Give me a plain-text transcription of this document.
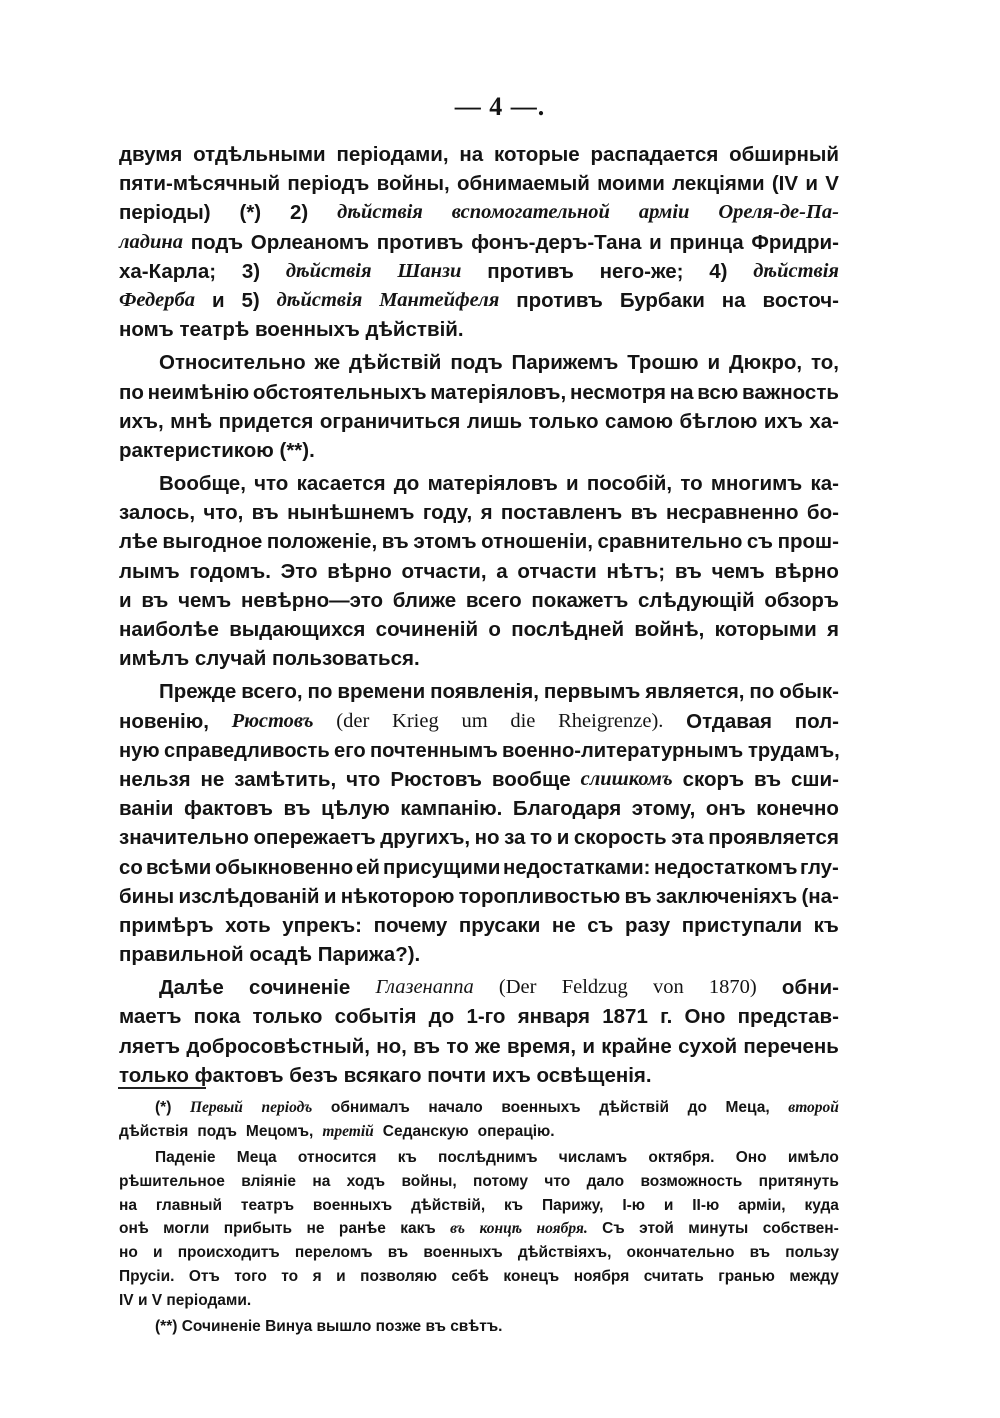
— 4 —.
двумя отдѣльными періодами, на которые распадается обширный
пяти-мѣсячный періодъ войны, обнимаемый моими лекціями (IV и V
періоды) (*) 2) дѣйствія вспомогательной арміи Ореля-де-Па-
ладина подъ Орлеаномъ противъ фонъ-деръ-Тана и принца Фридри-
ха-Карла; 3) дѣйствія Шанзи противъ него-же; 4) дѣйствія
Федерба и 5) дѣйствія Мантейфеля противъ Бурбаки на восточ-
номъ театрѣ военныхъ дѣйствій.
Относительно же дѣйствій подъ Парижемъ Трошю и Дюкро, то,
по неимѣнію обстоятельныхъ матеріяловъ, несмотря на всю важность
ихъ, мнѣ придется ограничиться лишь только самою бѣглою ихъ ха-
рактеристикою (**).
Вообще, что касается до матеріяловъ и пособій, то многимъ ка-
залось, что, въ нынѣшнемъ году, я поставленъ въ несравненно бо-
лѣе выгодное положеніе, въ этомъ отношеніи, сравнительно съ прош-
лымъ годомъ. Это вѣрно отчасти, а отчасти нѣтъ; въ чемъ вѣрно
и въ чемъ невѣрно—это ближе всего покажетъ слѣдующій обзоръ
наиболѣе выдающихся сочиненій о послѣдней войнѣ, которыми я
имѣлъ случай пользоваться.
Прежде всего, по времени появленія, первымъ является, по обык-
новенію, Рюстовъ (der Krieg um die Rheigrenze). Отдавая пол-
ную справедливость его почтеннымъ военно-литературнымъ трудамъ,
нельзя не замѣтить, что Рюстовъ вообще слишкомъ скоръ въ сши-
ваніи фактовъ въ цѣлую кампанію. Благодаря этому, онъ конечно
значительно опережаетъ другихъ, но за то и скорость эта проявляется
со всѣми обыкновенно ей присущими недостатками: недостаткомъ глу-
бины изслѣдованій и нѣкоторою торопливостью въ заключеніяхъ (на-
примѣръ хоть упрекъ: почему прусаки не съ разу приступали къ
правильной осадѣ Парижа?).
Далѣе сочиненіе Глазенаппа (Der Feldzug von 1870) обни-
маетъ пока только событія до 1-го января 1871 г. Оно представ-
ляетъ добросовѣстный, но, въ то же время, и крайне сухой перечень
только фактовъ безъ всякаго почти ихъ освѣщенія.
(*) Первый періодъ обнималъ начало военныхъ дѣйствій до Меца, второй
дѣйствія подъ Мецомъ, третій Седанскую операцію.
Паденіе Меца относится къ послѣднимъ числамъ октября. Оно имѣло
рѣшительное вліяніе на ходъ войны, потому что дало возможность притянуть
на главный театръ военныхъ дѣйствій, къ Парижу, I-ю и II-ю арміи, куда
онѣ могли прибыть не ранѣе какъ въ концѣ ноября. Съ этой минуты собствен-
но и происходитъ переломъ въ военныхъ дѣйствіяхъ, окончательно въ пользу
Прусіи. Отъ того то я и позволяю себѣ конецъ ноября считать гранью между
IV и V періодами.
(**) Сочиненіе Винуа вышло позже въ свѣтъ.
